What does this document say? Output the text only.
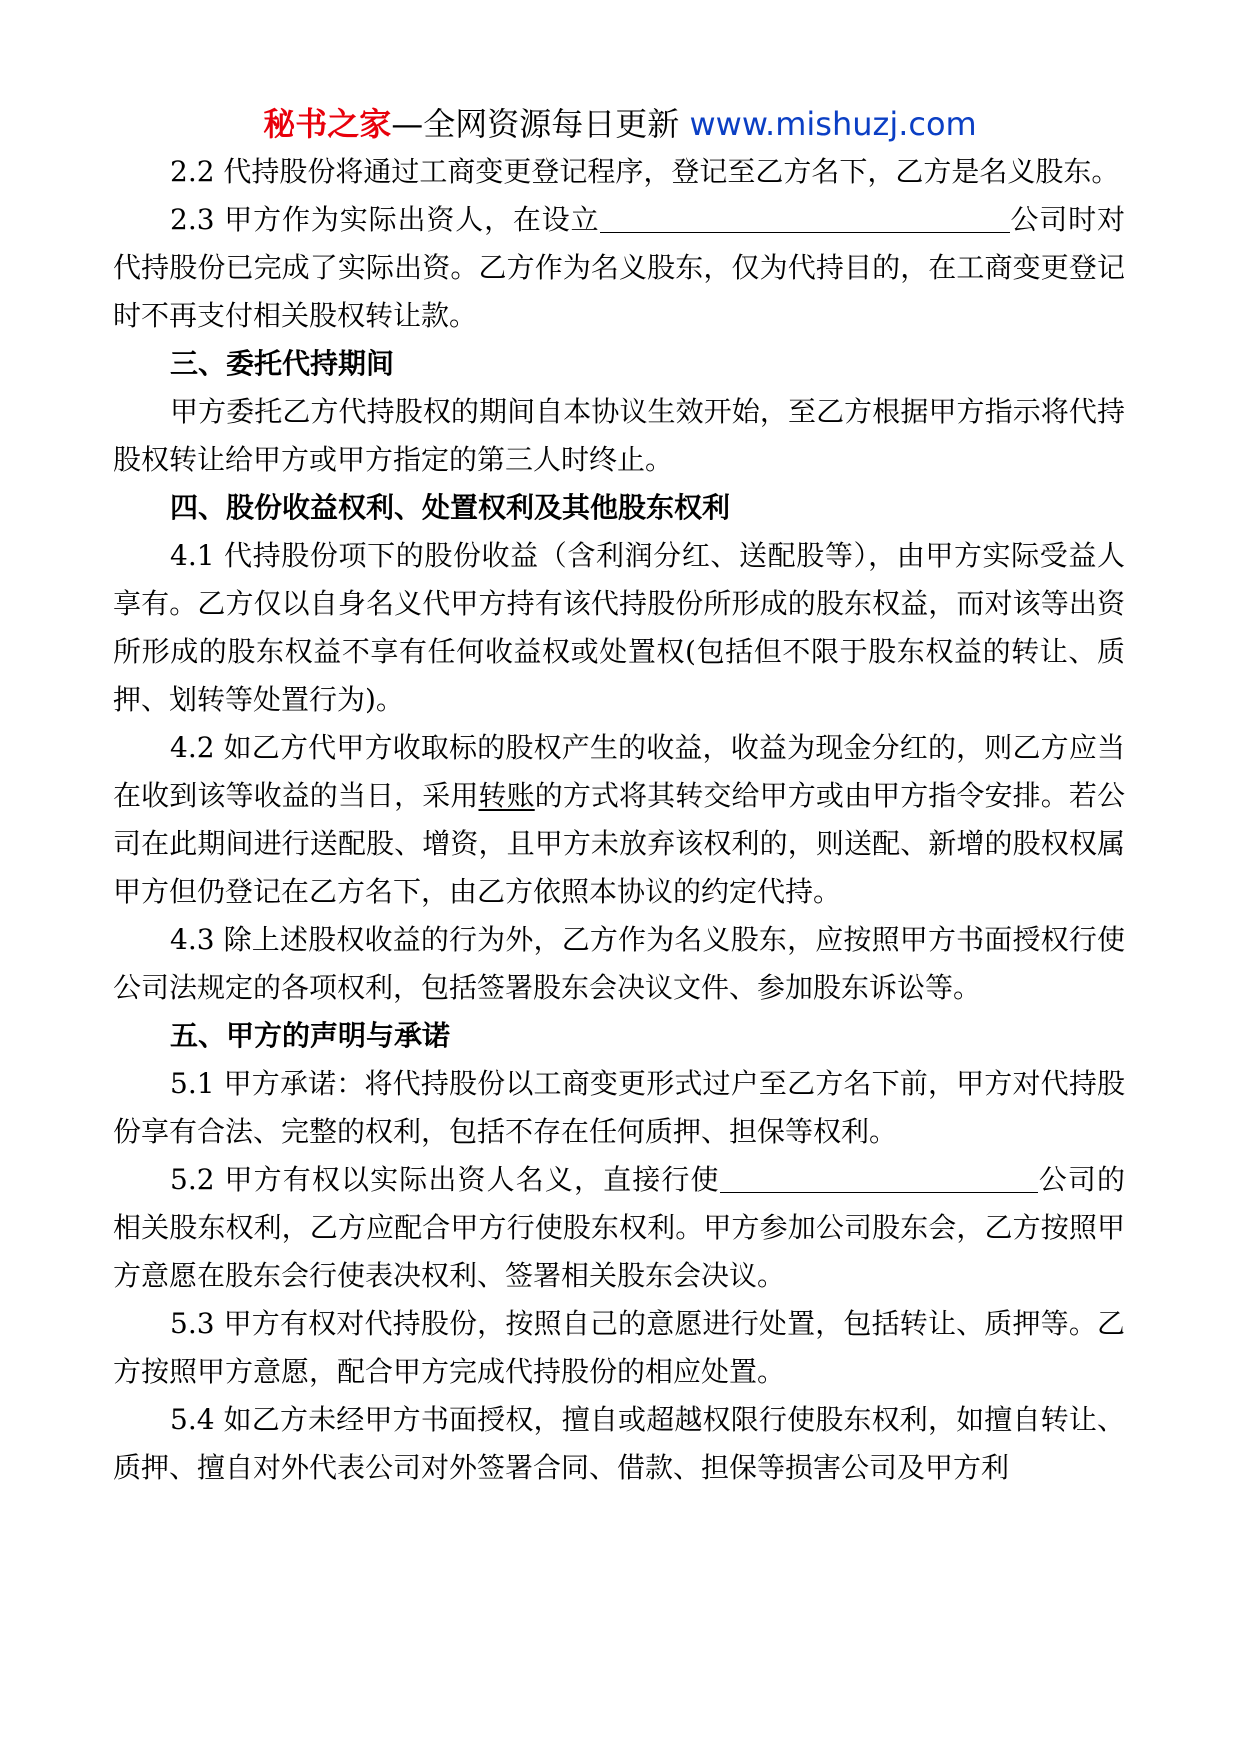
秘书之家—全网资源每日更新 www.mishuzj.com

2.2 代持股份将通过工商变更登记程序，登记至乙方名下，乙方是名义股东。

2.3 甲方作为实际出资人，在设立	公司时对代持股份已完成了实际出资。乙方作为名义股东，仅为代持目的，在工商变更登记时不再支付相关股权转让款。

三、委托代持期间

甲方委托乙方代持股权的期间自本协议生效开始，至乙方根据甲方指示将代持股权转让给甲方或甲方指定的第三人时终止。

四、股份收益权利、处置权利及其他股东权利

4.1 代持股份项下的股份收益（含利润分红、送配股等），由甲方实际受益人享有。乙方仅以自身名义代甲方持有该代持股份所形成的股东权益，而对该等出资所形成的股东权益不享有任何收益权或处置权(包括但不限于股东权益的转让、质押、划转等处置行为)。

4.2 如乙方代甲方收取标的股权产生的收益，收益为现金分红的，则乙方应当在收到该等收益的当日，采用转账的方式将其转交给甲方或由甲方指令安排。若公司在此期间进行送配股、增资，且甲方未放弃该权利的，则送配、新增的股权权属甲方但仍登记在乙方名下，由乙方依照本协议的约定代持。

4.3 除上述股权收益的行为外，乙方作为名义股东，应按照甲方书面授权行使公司法规定的各项权利，包括签署股东会决议文件、参加股东诉讼等。

五、甲方的声明与承诺

5.1 甲方承诺：将代持股份以工商变更形式过户至乙方名下前，甲方对代持股份享有合法、完整的权利，包括不存在任何质押、担保等权利。

5.2 甲方有权以实际出资人名义，直接行使	公司的相关股东权利，乙方应配合甲方行使股东权利。甲方参加公司股东会，乙方按照甲方意愿在股东会行使表决权利、签署相关股东会决议。

5.3 甲方有权对代持股份，按照自己的意愿进行处置，包括转让、质押等。乙方按照甲方意愿，配合甲方完成代持股份的相应处置。

5.4 如乙方未经甲方书面授权，擅自或超越权限行使股东权利，如擅自转让、质押、擅自对外代表公司对外签署合同、借款、担保等损害公司及甲方利
